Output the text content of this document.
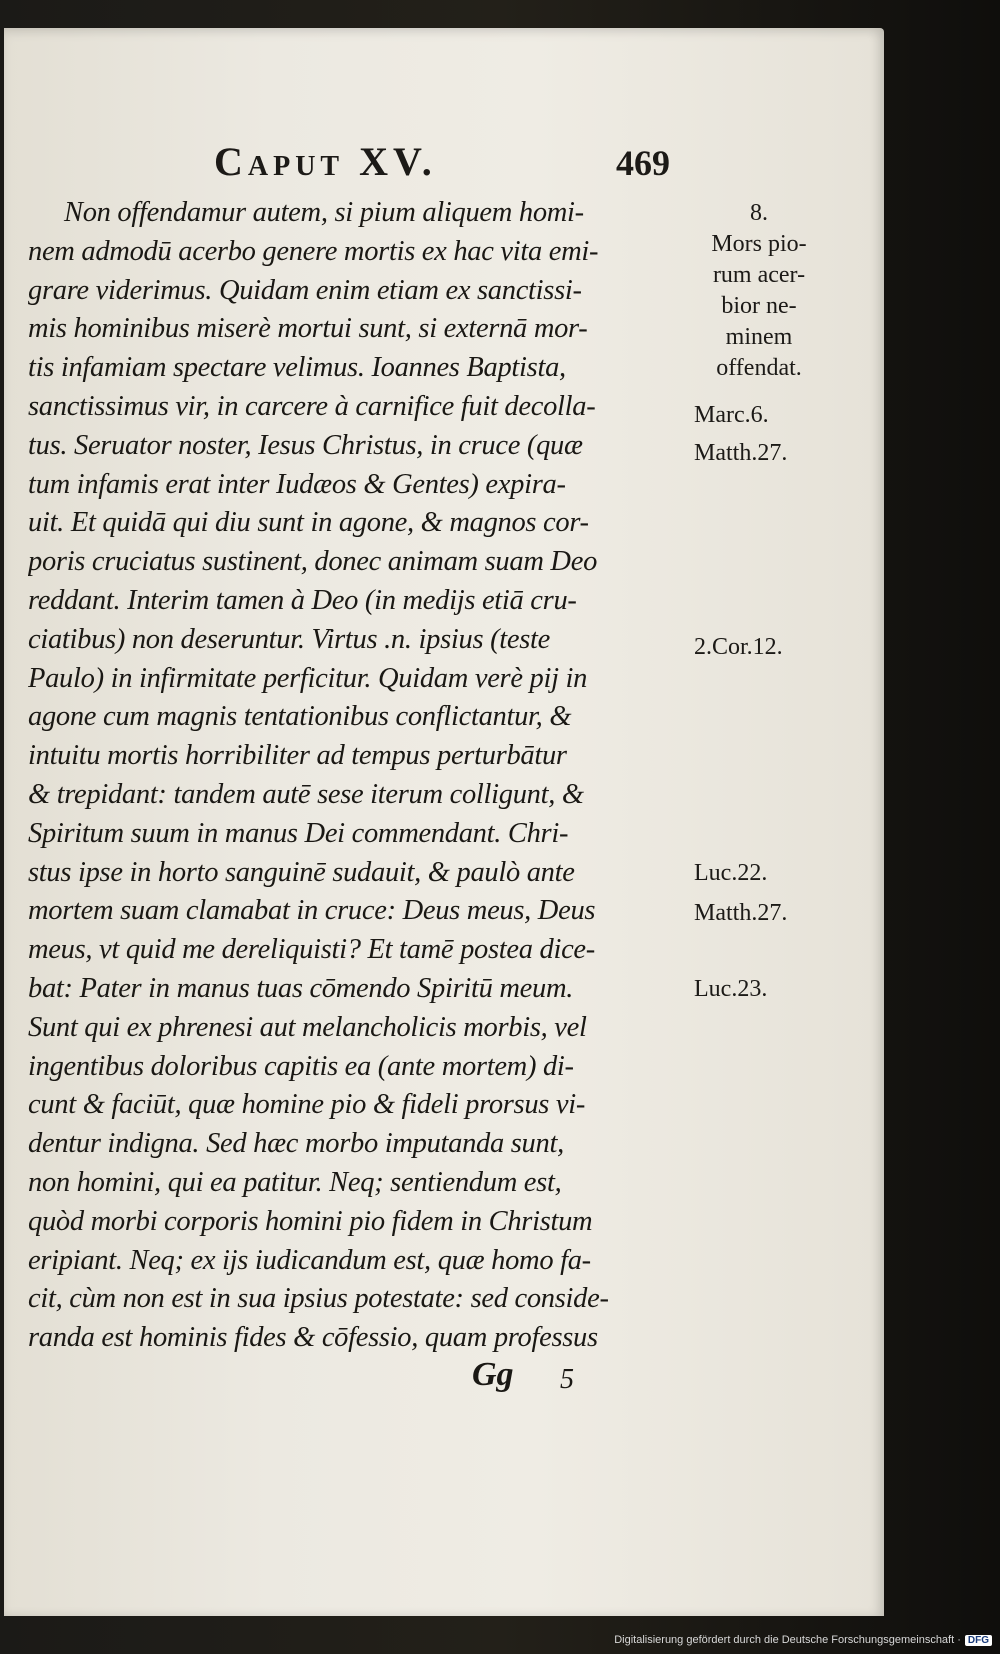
Caput XV.	469
Non offendamur autem, si pium aliquem homi-
nem admodū acerbo genere mortis ex hac vita emi-
grare viderimus. Quidam enim etiam ex sanctissi-
mis hominibus miserè mortui sunt, si externā mor-
tis infamiam spectare velimus. Ioannes Baptista,
sanctissimus vir, in carcere à carnifice fuit decolla-
tus. Seruator noster, Iesus Christus, in cruce (quæ
tum infamis erat inter Iudæos & Gentes) expira-
uit. Et quidā qui diu sunt in agone, & magnos cor-
poris cruciatus sustinent, donec animam suam Deo
reddant. Interim tamen à Deo (in medijs etiā cru-
ciatibus) non deseruntur. Virtus .n. ipsius (teste
Paulo) in infirmitate perficitur. Quidam verè pij in
agone cum magnis tentationibus conflictantur, &
intuitu mortis horribiliter ad tempus perturbātur
& trepidant: tandem autē sese iterum colligunt, &
Spiritum suum in manus Dei commendant. Chri-
stus ipse in horto sanguinē sudauit, & paulò ante
mortem suam clamabat in cruce: Deus meus, Deus
meus, vt quid me dereliquisti? Et tamē postea dice-
bat: Pater in manus tuas cōmendo Spiritū meum.
Sunt qui ex phrenesi aut melancholicis morbis, vel
ingentibus doloribus capitis ea (ante mortem) di-
cunt & faciūt, quæ homine pio & fideli prorsus vi-
dentur indigna. Sed hæc morbo imputanda sunt,
non homini, qui ea patitur. Neq; sentiendum est,
quòd morbi corporis homini pio fidem in Christum
eripiant. Neq; ex ijs iudicandum est, quæ homo fa-
cit, cùm non est in sua ipsius potestate: sed conside-
randa est hominis fides & cōfessio, quam professus
8.
Mors pio-
rum acer-
bior ne-
minem
offendat.
Marc.6.
Matth.27.
2.Cor.12.
Luc.22.
Matth.27.
Luc.23.
Gg 5
Digitalisierung gefördert durch die Deutsche Forschungsgemeinschaft · DFG
